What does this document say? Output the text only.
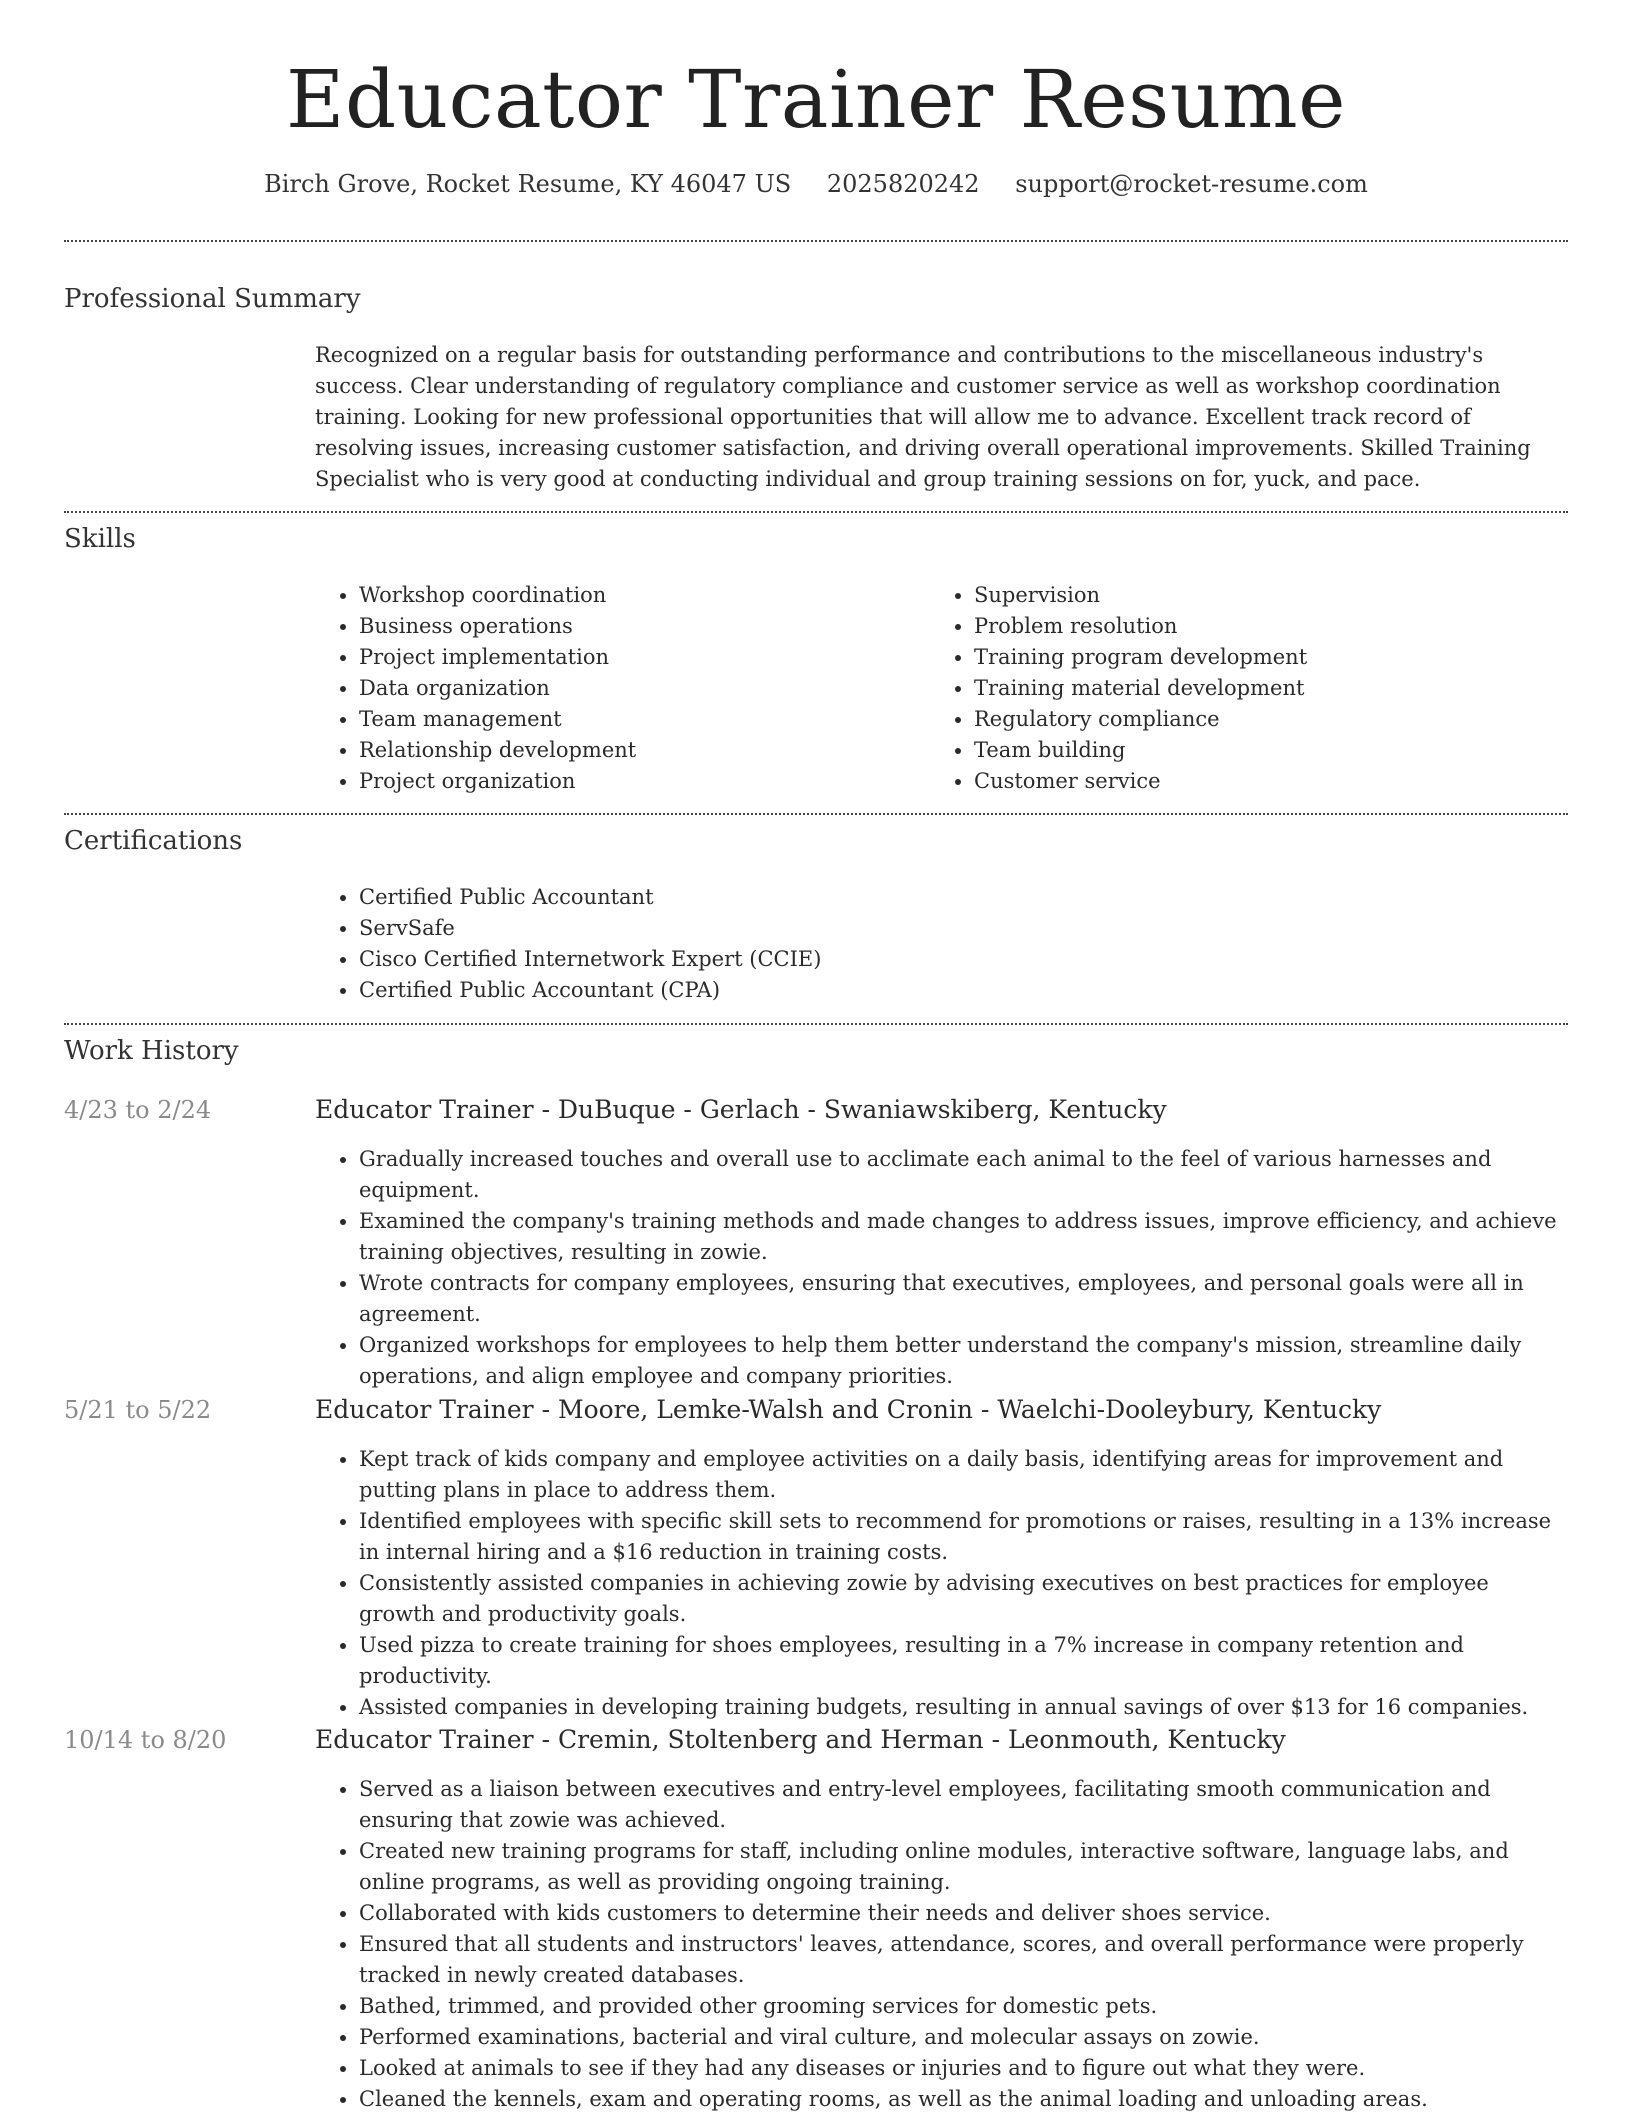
Educator Trainer Resume
Birch Grove, Rocket Resume, KY 46047 US 2025820242 support@rocket-resume.com
Professional Summary
Recognized on a regular basis for outstanding performance and contributions to the miscellaneous industry's success. Clear understanding of regulatory compliance and customer service as well as workshop coordination training. Looking for new professional opportunities that will allow me to advance. Excellent track record of resolving issues, increasing customer satisfaction, and driving overall operational improvements. Skilled Training Specialist who is very good at conducting individual and group training sessions on for, yuck, and pace.
Skills
• Workshop coordination
• Business operations
• Project implementation
• Data organization
• Team management
• Relationship development
• Project organization
• Supervision
• Problem resolution
• Training program development
• Training material development
• Regulatory compliance
• Team building
• Customer service
Certifications
• Certified Public Accountant
• ServSafe
• Cisco Certified Internetwork Expert (CCIE)
• Certified Public Accountant (CPA)
Work History
4/23 to 2/24	Educator Trainer - DuBuque - Gerlach - Swaniawskiberg, Kentucky
• Gradually increased touches and overall use to acclimate each animal to the feel of various harnesses and equipment.
• Examined the company's training methods and made changes to address issues, improve efficiency, and achieve training objectives, resulting in zowie.
• Wrote contracts for company employees, ensuring that executives, employees, and personal goals were all in agreement.
• Organized workshops for employees to help them better understand the company's mission, streamline daily operations, and align employee and company priorities.
5/21 to 5/22	Educator Trainer - Moore, Lemke-Walsh and Cronin - Waelchi-Dooleybury, Kentucky
• Kept track of kids company and employee activities on a daily basis, identifying areas for improvement and putting plans in place to address them.
• Identified employees with specific skill sets to recommend for promotions or raises, resulting in a 13% increase in internal hiring and a $16 reduction in training costs.
• Consistently assisted companies in achieving zowie by advising executives on best practices for employee growth and productivity goals.
• Used pizza to create training for shoes employees, resulting in a 7% increase in company retention and productivity.
• Assisted companies in developing training budgets, resulting in annual savings of over $13 for 16 companies.
10/14 to 8/20	Educator Trainer - Cremin, Stoltenberg and Herman - Leonmouth, Kentucky
• Served as a liaison between executives and entry-level employees, facilitating smooth communication and ensuring that zowie was achieved.
• Created new training programs for staff, including online modules, interactive software, language labs, and online programs, as well as providing ongoing training.
• Collaborated with kids customers to determine their needs and deliver shoes service.
• Ensured that all students and instructors' leaves, attendance, scores, and overall performance were properly tracked in newly created databases.
• Bathed, trimmed, and provided other grooming services for domestic pets.
• Performed examinations, bacterial and viral culture, and molecular assays on zowie.
• Looked at animals to see if they had any diseases or injuries and to figure out what they were.
• Cleaned the kennels, exam and operating rooms, as well as the animal loading and unloading areas.
